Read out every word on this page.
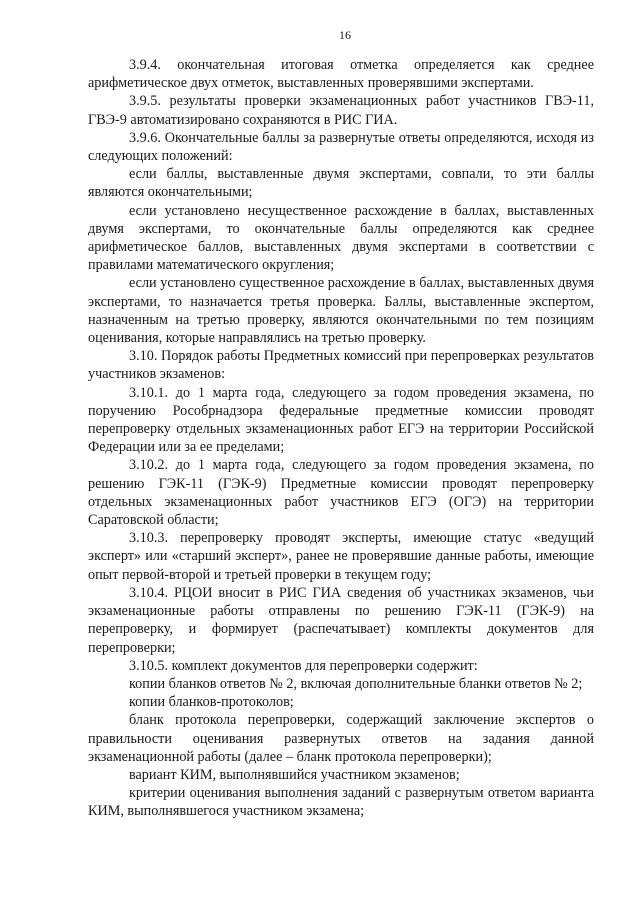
16

3.9.4. окончательная итоговая отметка определяется как среднее арифметическое двух отметок, выставленных проверявшими экспертами.

3.9.5. результаты проверки экзаменационных работ участников ГВЭ-11, ГВЭ-9 автоматизировано сохраняются в РИС ГИА.

3.9.6. Окончательные баллы за развернутые ответы определяются, исходя из следующих положений:

если баллы, выставленные двумя экспертами, совпали, то эти баллы являются окончательными;

если установлено несущественное расхождение в баллах, выставленных двумя экспертами, то окончательные баллы определяются как среднее арифметическое баллов, выставленных двумя экспертами в соответствии с правилами математического округления;

если установлено существенное расхождение в баллах, выставленных двумя экспертами, то назначается третья проверка. Баллы, выставленные экспертом, назначенным на третью проверку, являются окончательными по тем позициям оценивания, которые направлялись на третью проверку.

3.10. Порядок работы Предметных комиссий при перепроверках результатов участников экзаменов:

3.10.1. до 1 марта года, следующего за годом проведения экзамена, по поручению Рособрнадзора федеральные предметные комиссии проводят перепроверку отдельных экзаменационных работ ЕГЭ на территории Российской Федерации или за ее пределами;

3.10.2. до 1 марта года, следующего за годом проведения экзамена, по решению ГЭК-11 (ГЭК-9) Предметные комиссии проводят перепроверку отдельных экзаменационных работ участников ЕГЭ (ОГЭ) на территории Саратовской области;

3.10.3. перепроверку проводят эксперты, имеющие статус «ведущий эксперт» или «старший эксперт», ранее не проверявшие данные работы, имеющие опыт первой-второй и третьей проверки в текущем году;

3.10.4. РЦОИ вносит в РИС ГИА сведения об участниках экзаменов, чьи экзаменационные работы отправлены по решению ГЭК-11 (ГЭК-9) на перепроверку, и формирует (распечатывает) комплекты документов для перепроверки;

3.10.5. комплект документов для перепроверки содержит:

копии бланков ответов № 2, включая дополнительные бланки ответов № 2;

копии бланков-протоколов;

бланк протокола перепроверки, содержащий заключение экспертов о правильности оценивания развернутых ответов на задания данной экзаменационной работы (далее – бланк протокола перепроверки);

вариант КИМ, выполнявшийся участником экзаменов;

критерии оценивания выполнения заданий с развернутым ответом варианта КИМ, выполнявшегося участником экзамена;
